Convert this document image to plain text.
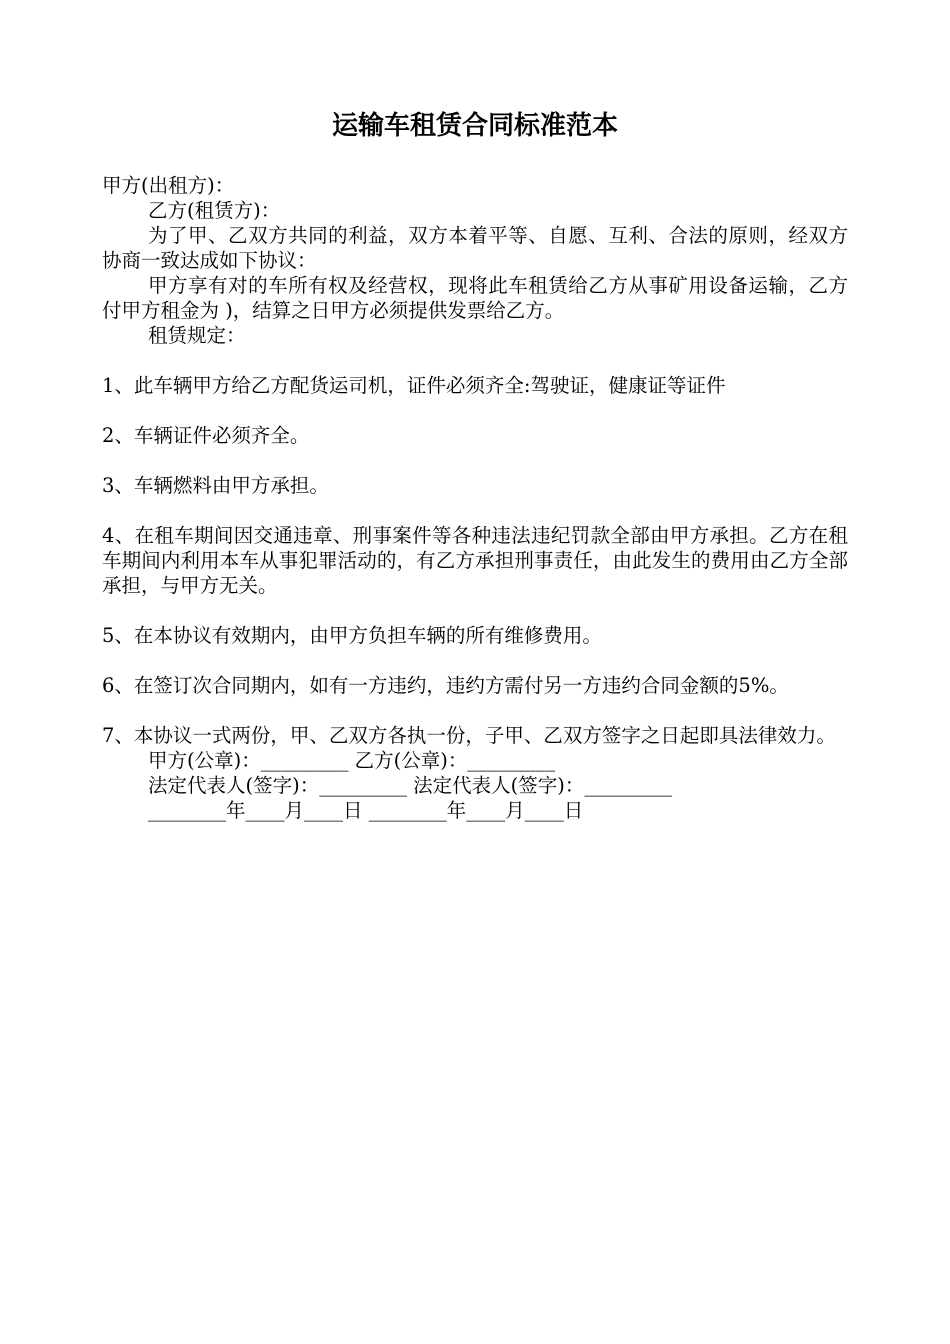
运输车租赁合同标准范本

甲方(出租方)：

乙方(租赁方)：

为了甲、乙双方共同的利益，双方本着平等、自愿、互利、合法的原则，经双方协商一致达成如下协议：

甲方享有对的车所有权及经营权，现将此车租赁给乙方从事矿用设备运输，乙方付甲方租金为 )，结算之日甲方必须提供发票给乙方。

租赁规定：

1、此车辆甲方给乙方配货运司机，证件必须齐全:驾驶证，健康证等证件

2、车辆证件必须齐全。

3、车辆燃料由甲方承担。

4、在租车期间因交通违章、刑事案件等各种违法违纪罚款全部由甲方承担。乙方在租车期间内利用本车从事犯罪活动的，有乙方承担刑事责任，由此发生的费用由乙方全部承担，与甲方无关。

5、在本协议有效期内，由甲方负担车辆的所有维修费用。

6、在签订次合同期内，如有一方违约，违约方需付另一方违约合同金额的5%。

7、本协议一式两份，甲、乙双方各执一份，子甲、乙双方签字之日起即具法律效力。

甲方(公章)：_________ 乙方(公章)：_________

法定代表人(签字)：_________ 法定代表人(签字)：_________

________年____月____日 ________年____月____日
